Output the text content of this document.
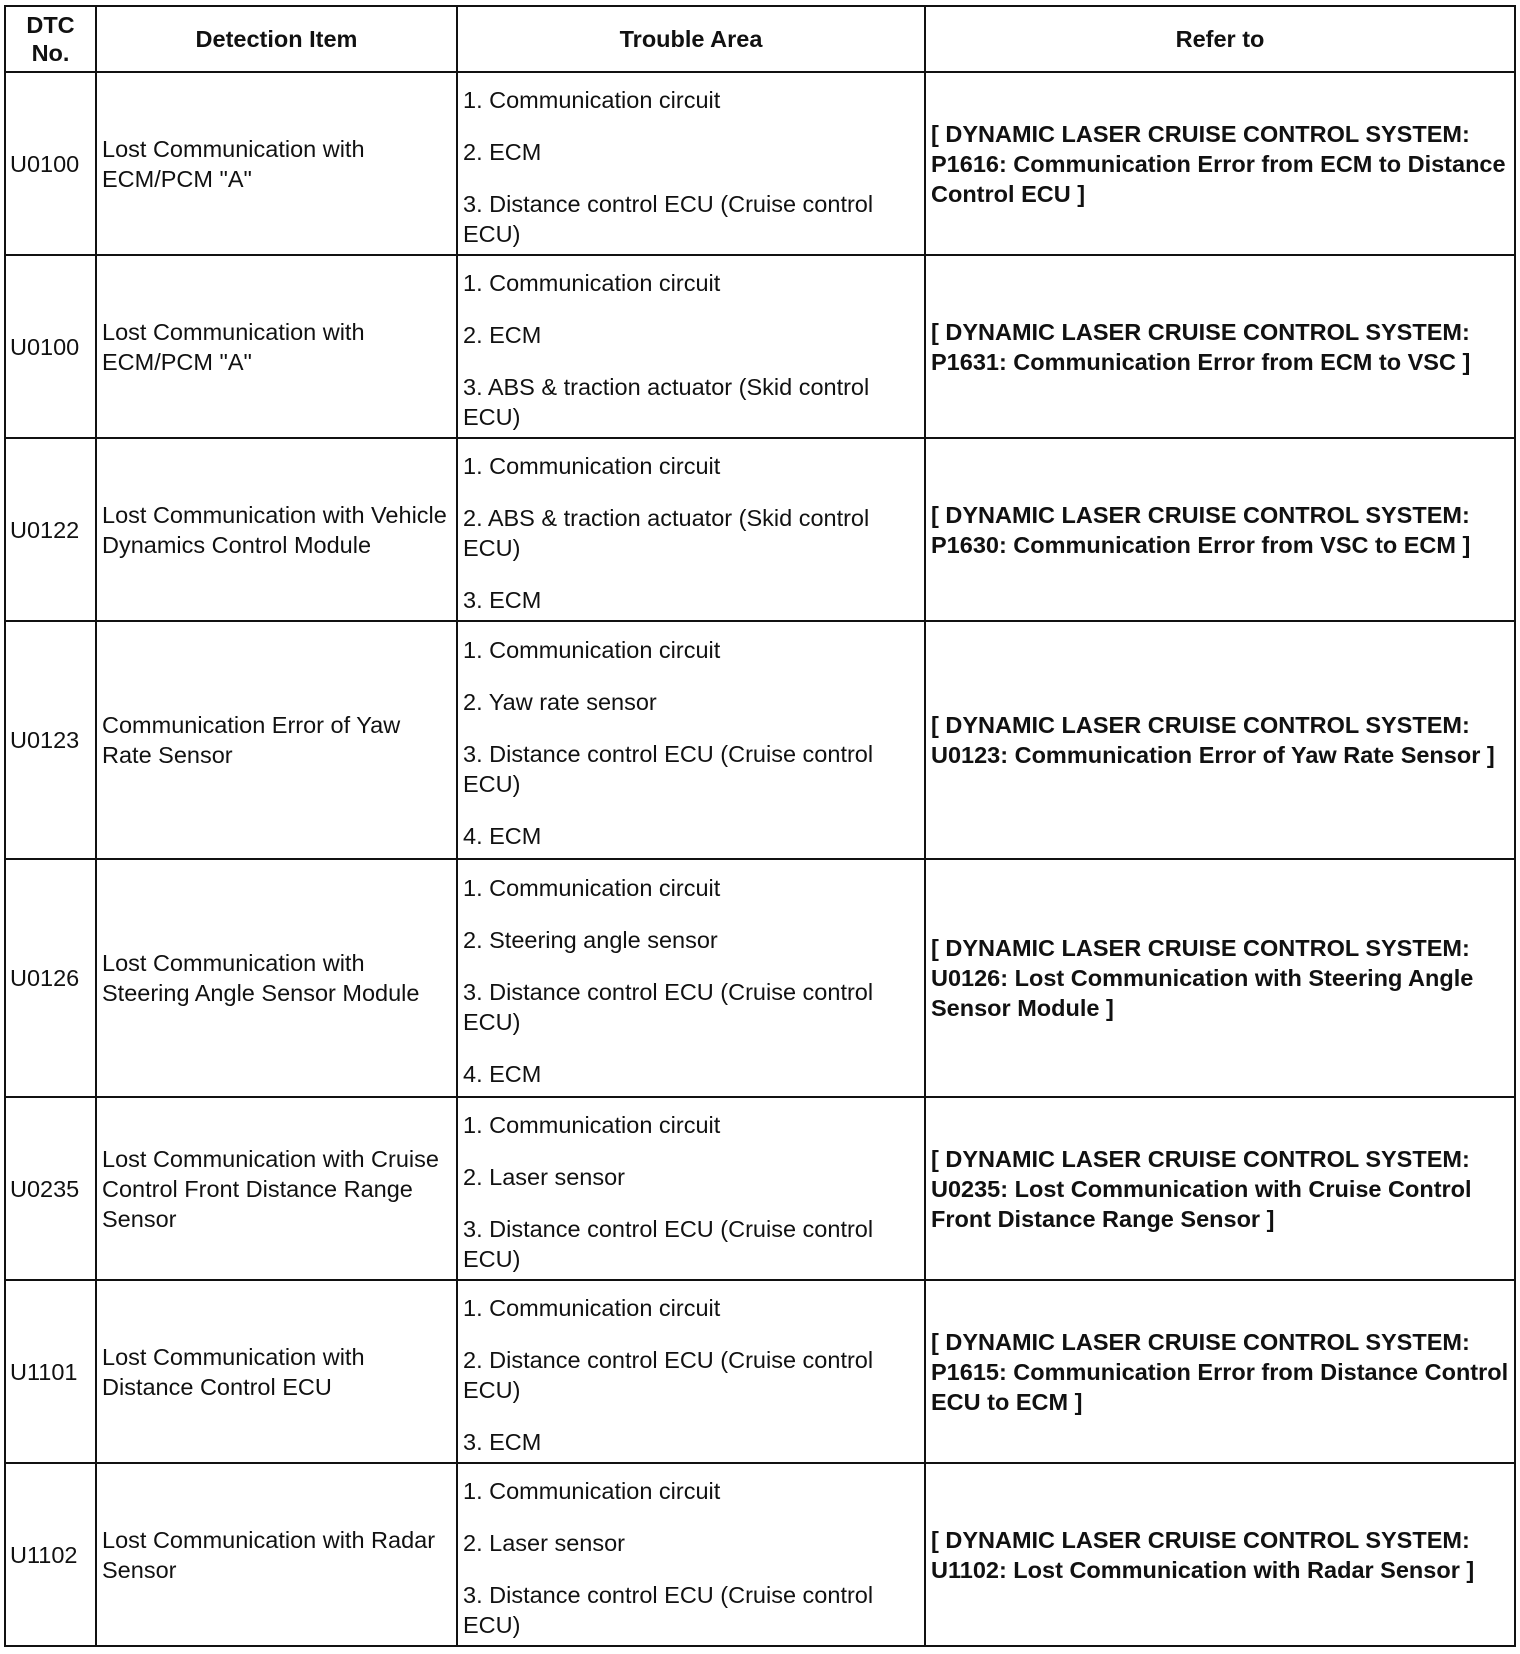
DTC No.	Detection Item	Trouble Area	Refer to
U0100	Lost Communication with ECM/PCM "A"	1. Communication circuit
2. ECM
3. Distance control ECU (Cruise control ECU)	[ DYNAMIC LASER CRUISE CONTROL SYSTEM: P1616: Communication Error from ECM to Distance Control ECU ]
U0100	Lost Communication with ECM/PCM "A"	1. Communication circuit
2. ECM
3. ABS & traction actuator (Skid control ECU)	[ DYNAMIC LASER CRUISE CONTROL SYSTEM: P1631: Communication Error from ECM to VSC ]
U0122	Lost Communication with Vehicle Dynamics Control Module	1. Communication circuit
2. ABS & traction actuator (Skid control ECU)
3. ECM	[ DYNAMIC LASER CRUISE CONTROL SYSTEM: P1630: Communication Error from VSC to ECM ]
U0123	Communication Error of Yaw Rate Sensor	1. Communication circuit
2. Yaw rate sensor
3. Distance control ECU (Cruise control ECU)
4. ECM	[ DYNAMIC LASER CRUISE CONTROL SYSTEM: U0123: Communication Error of Yaw Rate Sensor ]
U0126	Lost Communication with Steering Angle Sensor Module	1. Communication circuit
2. Steering angle sensor
3. Distance control ECU (Cruise control ECU)
4. ECM	[ DYNAMIC LASER CRUISE CONTROL SYSTEM: U0126: Lost Communication with Steering Angle Sensor Module ]
U0235	Lost Communication with Cruise Control Front Distance Range Sensor	1. Communication circuit
2. Laser sensor
3. Distance control ECU (Cruise control ECU)	[ DYNAMIC LASER CRUISE CONTROL SYSTEM: U0235: Lost Communication with Cruise Control Front Distance Range Sensor ]
U1101	Lost Communication with Distance Control ECU	1. Communication circuit
2. Distance control ECU (Cruise control ECU)
3. ECM	[ DYNAMIC LASER CRUISE CONTROL SYSTEM: P1615: Communication Error from Distance Control ECU to ECM ]
U1102	Lost Communication with Radar Sensor	1. Communication circuit
2. Laser sensor
3. Distance control ECU (Cruise control ECU)	[ DYNAMIC LASER CRUISE CONTROL SYSTEM: U1102: Lost Communication with Radar Sensor ]
